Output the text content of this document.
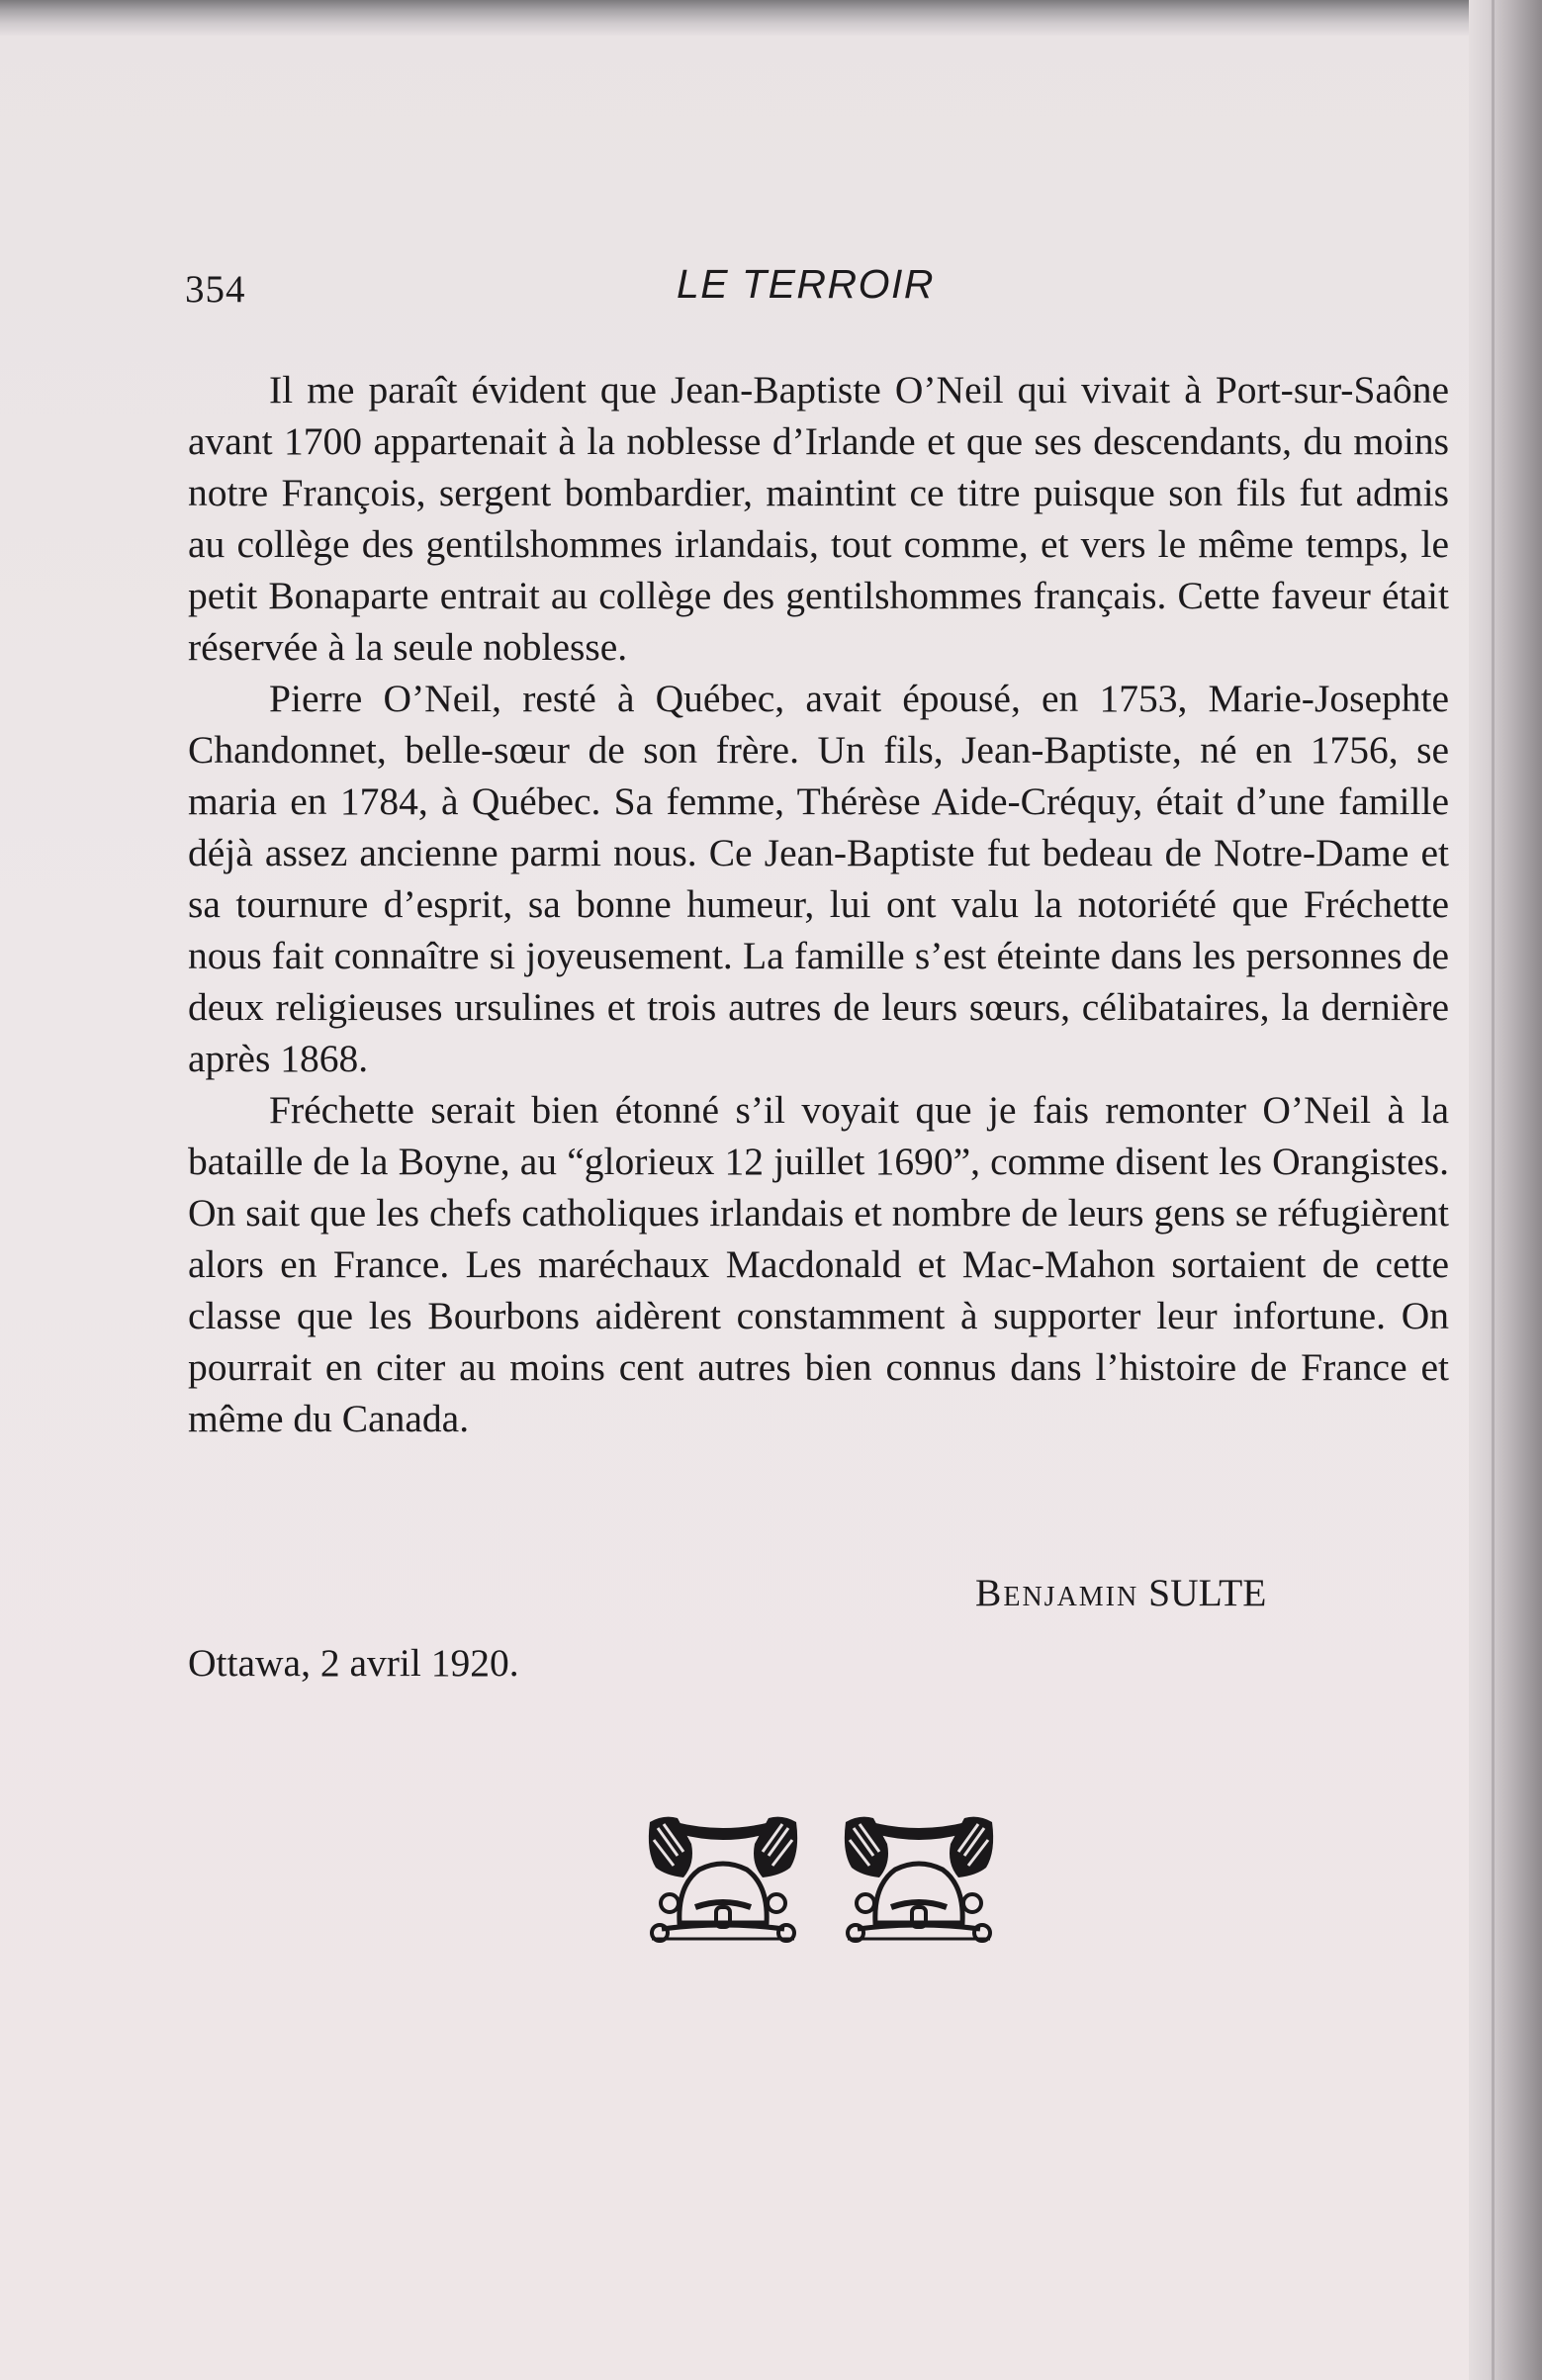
354	LE TERROIR

Il me paraît évident que Jean-Baptiste O’Neil qui vivait à Port-sur-Saône avant 1700 appartenait à la noblesse d’Irlande et que ses descendants, du moins notre François, sergent bombardier, maintint ce titre puisque son fils fut admis au collège des gentilshommes irlandais, tout comme, et vers le même temps, le petit Bonaparte entrait au collège des gentilshommes français. Cette faveur était réservée à la seule noblesse.

Pierre O’Neil, resté à Québec, avait épousé, en 1753, Marie-Josephte Chandonnet, belle-sœur de son frère. Un fils, Jean-Baptiste, né en 1756, se maria en 1784, à Québec. Sa femme, Thérèse Aide-Créquy, était d’une famille déjà assez ancienne parmi nous. Ce Jean-Baptiste fut bedeau de Notre-Dame et sa tournure d’esprit, sa bonne humeur, lui ont valu la notoriété que Fréchette nous fait connaître si joyeusement. La famille s’est éteinte dans les personnes de deux religieuses ursulines et trois autres de leurs sœurs, célibataires, la dernière après 1868.

Fréchette serait bien étonné s’il voyait que je fais remonter O’Neil à la bataille de la Boyne, au “glorieux 12 juillet 1690”, comme disent les Orangistes. On sait que les chefs catholiques irlandais et nombre de leurs gens se réfugièrent alors en France. Les maréchaux Macdonald et Mac-Mahon sortaient de cette classe que les Bourbons aidèrent constamment à supporter leur infortune. On pourrait en citer au moins cent autres bien connus dans l’histoire de France et même du Canada.

Benjamin SULTE
Ottawa, 2 avril 1920.
